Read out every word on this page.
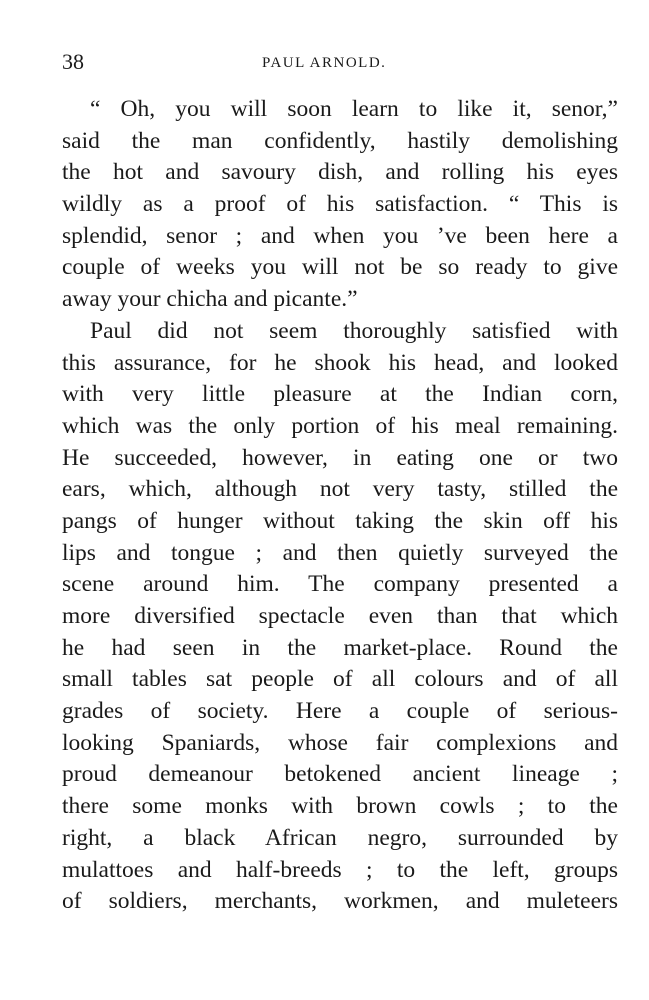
38	PAUL ARNOLD.
“ Oh, you will soon learn to like it, senor,”
said the man confidently, hastily demolishing
the hot and savoury dish, and rolling his eyes
wildly as a proof of his satisfaction. “ This is
splendid, senor ; and when you ’ve been here a
couple of weeks you will not be so ready to give
away your chicha and picante.”
Paul did not seem thoroughly satisfied with
this assurance, for he shook his head, and looked
with very little pleasure at the Indian corn,
which was the only portion of his meal remaining.
He succeeded, however, in eating one or two
ears, which, although not very tasty, stilled the
pangs of hunger without taking the skin off his
lips and tongue ; and then quietly surveyed the
scene around him. The company presented a
more diversified spectacle even than that which
he had seen in the market-place. Round the
small tables sat people of all colours and of all
grades of society. Here a couple of serious-
looking Spaniards, whose fair complexions and
proud demeanour betokened ancient lineage ;
there some monks with brown cowls ; to the
right, a black African negro, surrounded by
mulattoes and half-breeds ; to the left, groups
of soldiers, merchants, workmen, and muleteers
